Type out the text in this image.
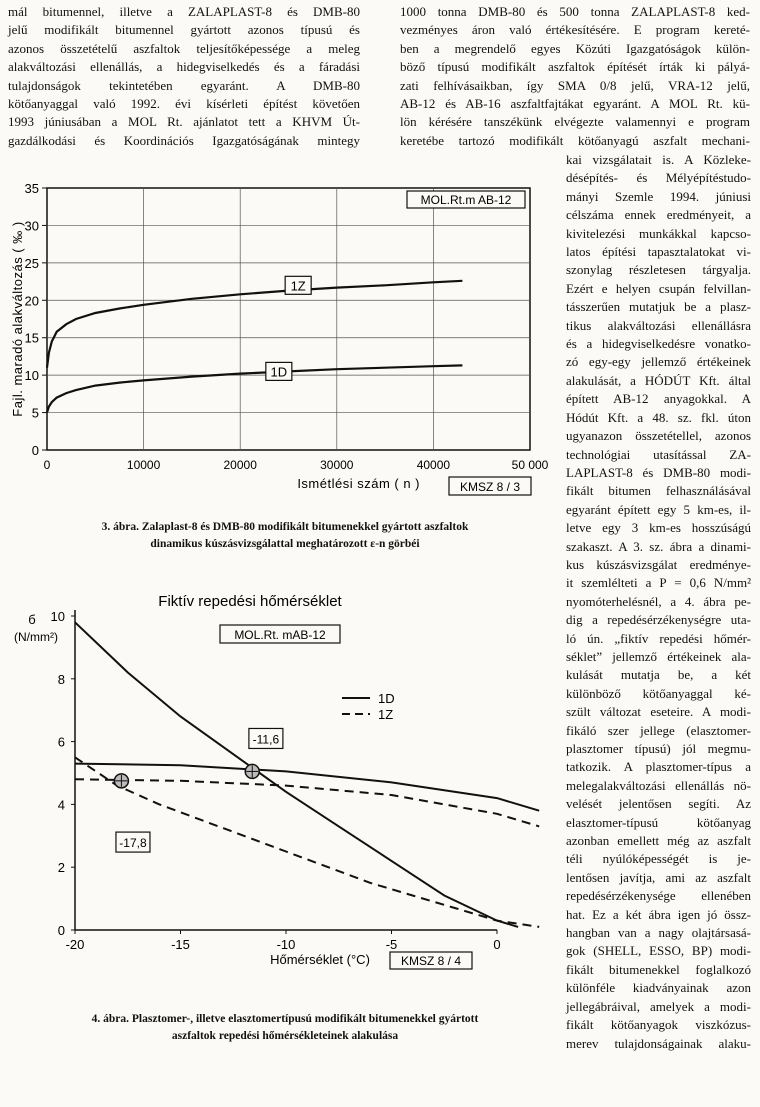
mál bitumennel, illetve a ZALAPLAST-8 és DMB-80
jelű modifikált bitumennel gyártott azonos típusú és
azonos összetételű aszfaltok teljesítőképessége a meleg
alakváltozási ellenállás, a hidegviselkedés és a fáradási
tulajdonságok tekintetében egyaránt. A DMB-80
kötőanyaggal való 1992. évi kísérleti építést követően
1993 júniusában a MOL Rt. ajánlatot tett a KHVM Út-
gazdálkodási és Koordinációs Igazgatóságának mintegy
1000 tonna DMB-80 és 500 tonna ZALAPLAST-8 ked-
vezményes áron való értékesítésére. E program kereté-
ben a megrendelő egyes Közúti Igazgatóságok külön-
böző típusú modifikált aszfaltok építését írták ki pályá-
zati felhívásaikban, így SMA 0/8 jelű, VRA-12 jelű,
AB-12 és AB-16 aszfaltfajtákat egyaránt. A MOL Rt. kü-
lön kérésére tanszékünk elvégezte valamennyi e program
keretébe tartozó modifikált kötőanyagú aszfalt mechani-
0
5
10
15
20
25
30
35
0	10000	20000	30000	40000	50 000
Ismétlési szám ( n )
Fajl. maradó alakváltozás ( ‰ )
MOL.Rt.m AB-12
KMSZ 8 / 3
1Z
1D

3. ábra. Zalaplast-8 és DMB-80 modifikált bitumenekkel gyártott aszfaltok
dinamikus kúszásvizsgálattal meghatározott ε-n görbéi

Fiktív repedési hőmérséklet
0
2
4
6
8
10
-20	-15	-10	-5	0
б
(N/mm²)
Hőmérséklet (°C)	KMSZ 8 / 4
MOL.Rt. mAB-12
1D
1Z
-11,6
-17,8

4. ábra. Plasztomer-, illetve elasztomertípusú modifikált bitumenekkel gyártott
aszfaltok repedési hőmérsékleteinek alakulása

kai vizsgálatait is. A Közleke-
désépítés- és Mélyépítéstudo-
mányi Szemle 1994. júniusi
célszáma ennek eredményeit, a
kivitelezési munkákkal kapcso-
latos építési tapasztalatokat vi-
szonylag részletesen tárgyalja.
Ezért e helyen csupán felvillan-
tásszerűen mutatjuk be a plasz-
tikus alakváltozási ellenállásra
és a hidegviselkedésre vonatko-
zó egy-egy jellemző értékeinek
alakulását, a HÓDÚT Kft. által
épített AB-12 anyagokkal. A
Hódút Kft. a 48. sz. fkl. úton
ugyanazon összetétellel, azonos
technológiai utasítással ZA-
LAPLAST-8 és DMB-80 modi-
fikált bitumen felhasználásával
egyaránt épített egy 5 km-es, il-
letve egy 3 km-es hosszúságú
szakaszt. A 3. sz. ábra a dinami-
kus kúszásvizsgálat eredménye-
it szemlélteti a P = 0,6 N/mm²
nyomóterhelésnél, a 4. ábra pe-
dig a repedésérzékenységre uta-
ló ún. „fiktív repedési hőmér-
séklet” jellemző értékeinek ala-
kulását mutatja be, a két
különböző kötőanyaggal ké-
szült változat eseteire. A modi-
fikáló szer jellege (elasztomer-
plasztomer típusú) jól megmu-
tatkozik. A plasztomer-típus a
melegalakváltozási ellenállás nö-
velését jelentősen segíti. Az
elasztomer-típusú kötőanyag
azonban emellett még az aszfalt
téli nyúlóképességét is je-
lentősen javítja, ami az aszfalt
repedésérzékenysége ellenében
hat. Ez a két ábra igen jó össz-
hangban van a nagy olajtársasá-
gok (SHELL, ESSO, BP) modi-
fikált bitumenekkel foglalkozó
különféle kiadványainak azon
jellegábráival, amelyek a modi-
fikált kötőanyagok viszkózus-
merev tulajdonságainak alaku-
